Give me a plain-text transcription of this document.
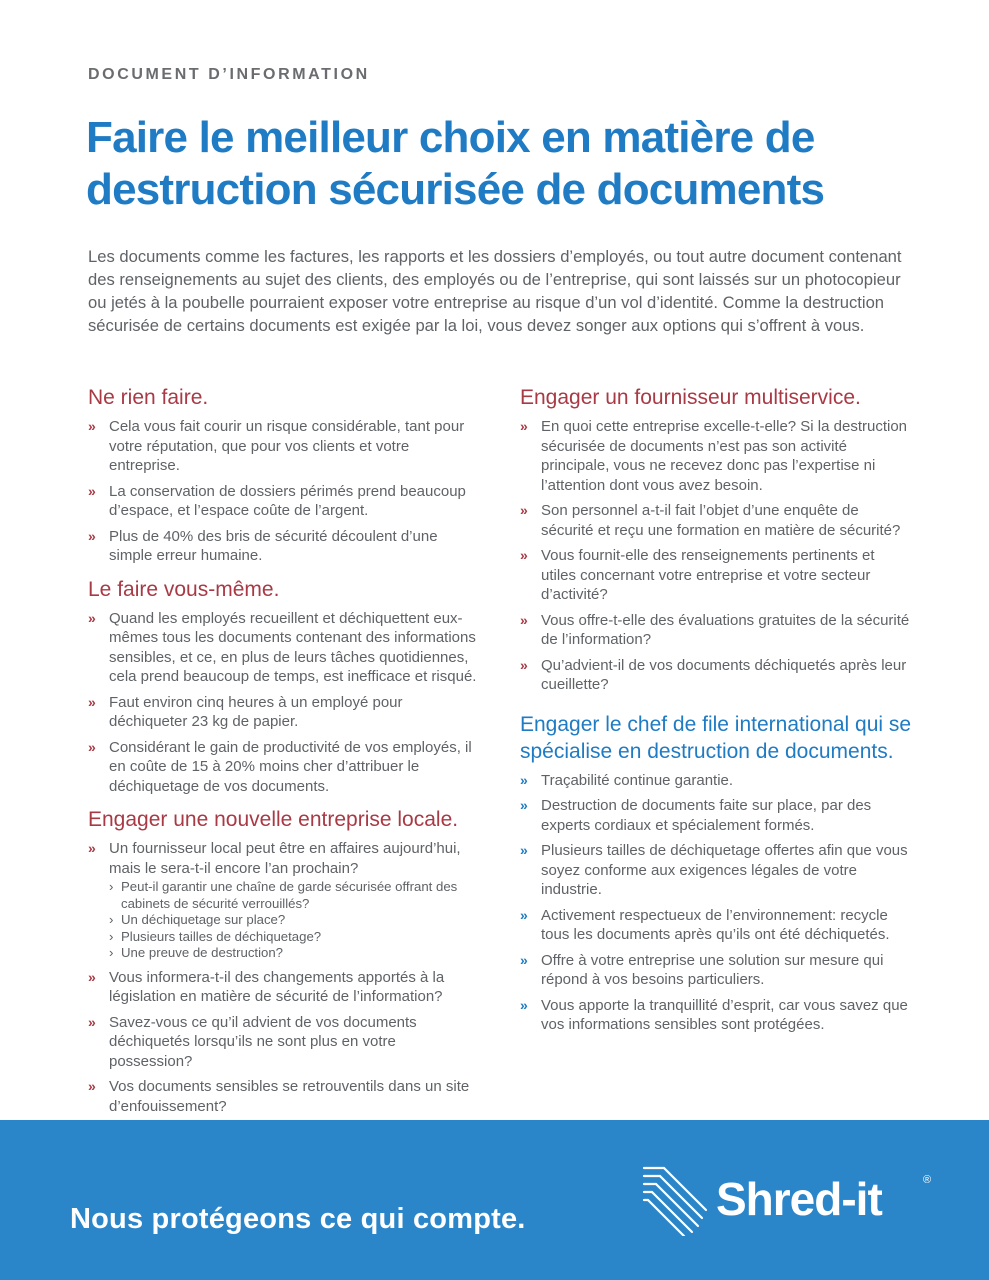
DOCUMENT D’INFORMATION
Faire le meilleur choix en matière de destruction sécurisée de documents

Les documents comme les factures, les rapports et les dossiers d’employés, ou tout autre document contenant des renseignements au sujet des clients, des employés ou de l’entreprise, qui sont laissés sur un photocopieur ou jetés à la poubelle pourraient exposer votre entreprise au risque d’un vol d’identité. Comme la destruction sécurisée de certains documents est exigée par la loi, vous devez songer aux options qui s’offrent à vous.

Ne rien faire.
» Cela vous fait courir un risque considérable, tant pour votre réputation, que pour vos clients et votre entreprise.
» La conservation de dossiers périmés prend beaucoup d’espace, et l’espace coûte de l’argent.
» Plus de 40% des bris de sécurité découlent d’une simple erreur humaine.
Le faire vous-même.
» Quand les employés recueillent et déchiquettent eux-mêmes tous les documents contenant des informations sensibles, et ce, en plus de leurs tâches quotidiennes, cela prend beaucoup de temps, est inefficace et risqué.
» Faut environ cinq heures à un employé pour déchiqueter 23 kg de papier.
» Considérant le gain de productivité de vos employés, il en coûte de 15 à 20% moins cher d’attribuer le déchiquetage de vos documents.
Engager une nouvelle entreprise locale.
» Un fournisseur local peut être en affaires aujourd’hui, mais le sera-t-il encore l’an prochain?
› Peut-il garantir une chaîne de garde sécurisée offrant des cabinets de sécurité verrouillés?
› Un déchiquetage sur place?
› Plusieurs tailles de déchiquetage?
› Une preuve de destruction?
» Vous informera-t-il des changements apportés à la législation en matière de sécurité de l’information?
» Savez-vous ce qu’il advient de vos documents déchiquetés lorsqu’ils ne sont plus en votre possession?
» Vos documents sensibles se retrouventils dans un site d’enfouissement?
Engager un fournisseur multiservice.
» En quoi cette entreprise excelle-t-elle? Si la destruction sécurisée de documents n’est pas son activité principale, vous ne recevez donc pas l’expertise ni l’attention dont vous avez besoin.
» Son personnel a-t-il fait l’objet d’une enquête de sécurité et reçu une formation en matière de sécurité?
» Vous fournit-elle des renseignements pertinents et utiles concernant votre entreprise et votre secteur d’activité?
» Vous offre-t-elle des évaluations gratuites de la sécurité de l’information?
» Qu’advient-il de vos documents déchiquetés après leur cueillette?
Engager le chef de file international qui se spécialise en destruction de documents.
» Traçabilité continue garantie.
» Destruction de documents faite sur place, par des experts cordiaux et spécialement formés.
» Plusieurs tailles de déchiquetage offertes afin que vous soyez conforme aux exigences légales de votre industrie.
» Activement respectueux de l’environnement: recycle tous les documents après qu’ils ont été déchiquetés.
» Offre à votre entreprise une solution sur mesure qui répond à vos besoins particuliers.
» Vous apporte la tranquillité d’esprit, car vous savez que vos informations sensibles sont protégées.
Nous protégeons ce qui compte.	Shred-it	®
